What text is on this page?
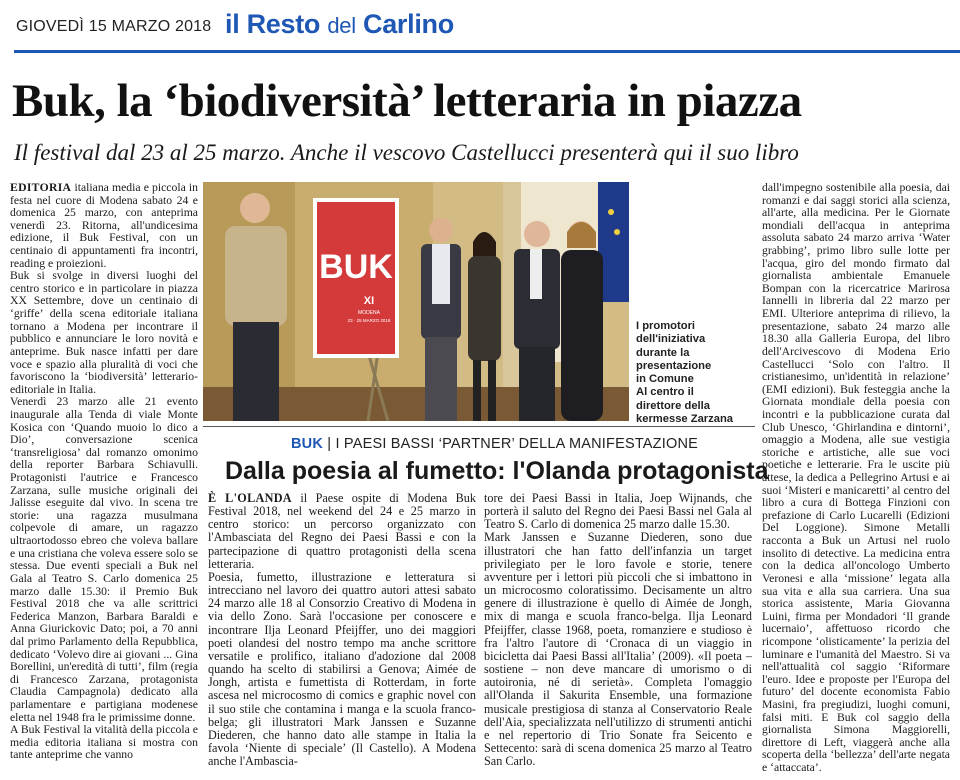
GIOVEDÌ 15 MARZO 2018 il Resto del Carlino
Buk, la ‘biodiversità’ letteraria in piazza
Il festival dal 23 al 25 marzo. Anche il vescovo Castellucci presenterà qui il suo libro

EDITORIA italiana media e piccola in festa nel cuore di Modena sabato 24 e domenica 25 marzo, con anteprima venerdì 23. Ritorna, all'undicesima edizione, il Buk Festival, con un centinaio di appuntamenti fra incontri, reading e proiezioni.

Buk si svolge in diversi luoghi del centro storico e in particolare in piazza XX Settembre, dove un centinaio di ‘griffe’ della scena editoriale italiana tornano a Modena per incontrare il pubblico e annunciare le loro novità e anteprime. Buk nasce infatti per dare voce e spazio alla pluralità di voci che favoriscono la ‘biodiversità’ letterario-editoriale in Italia.

Venerdì 23 marzo alle 21 evento inaugurale alla Tenda di viale Monte Kosica con ‘Quando muoio lo dico a Dio’, conversazione scenica ‘transreligiosa’ dal romanzo omonimo della reporter Barbara Schiavulli. Protagonisti l'autrice e Francesco Zarzana, sulle musiche originali dei Jalisse eseguite dal vivo. In scena tre storie: una ragazza musulmana colpevole di amare, un ragazzo ultraortodosso ebreo che voleva ballare e una cristiana che voleva essere solo se stessa. Due eventi speciali a Buk nel Gala al Teatro S. Carlo domenica 25 marzo dalle 15.30: il Premio Buk Festival 2018 che va alle scrittrici Federica Manzon, Barbara Baraldi e Anna Giurickovic Dato; poi, a 70 anni dal primo Parlamento della Repubblica, dedicato ‘Volevo dire ai giovani ... Gina Borellini, un'eredità di tutti’, film (regia di Francesco Zarzana, protagonista Claudia Campagnola) dedicato alla parlamentare e partigiana modenese eletta nel 1948 fra le primissime donne.

A Buk Festival la vitalità della piccola e media editoria italiana si mostra con tante anteprime che vanno

BUK
XI
MODENA
23 · 25 MARZO 2018	I promotori
dell'iniziativa
durante la
presentazione
in Comune
Al centro il
direttore della
kermesse Zarzana
BUK | I PAESI BASSI ‘PARTNER’ DELLA MANIFESTAZIONE
Dalla poesia al fumetto: l'Olanda protagonista

È L'OLANDA il Paese ospite di Modena Buk Festival 2018, nel weekend del 24 e 25 marzo in centro storico: un percorso organizzato con l'Ambasciata del Regno dei Paesi Bassi e con la partecipazione di quattro protagonisti della scena letteraria.

Poesia, fumetto, illustrazione e letteratura si intrecciano nel lavoro dei quattro autori attesi sabato 24 marzo alle 18 al Consorzio Creativo di Modena in via dello Zono. Sarà l'occasione per conoscere e incontrare Ilja Leonard Pfeijffer, uno dei maggiori poeti olandesi del nostro tempo ma anche scrittore versatile e prolifico, italiano d'adozione dal 2008 quando ha scelto di stabilirsi a Genova; Aimée de Jongh, artista e fumettista di Rotterdam, in forte ascesa nel microcosmo di comics e graphic novel con il suo stile che contamina i manga e la scuola franco-belga; gli illustratori Mark Janssen e Suzanne Diederen, che hanno dato alle stampe in Italia la favola ‘Niente di speciale’ (Il Castello). A Modena anche l'Ambascia-

tore dei Paesi Bassi in Italia, Joep Wijnands, che porterà il saluto del Regno dei Paesi Bassi nel Gala al Teatro S. Carlo di domenica 25 marzo dalle 15.30.

Mark Janssen e Suzanne Diederen, sono due illustratori che han fatto dell'infanzia un target privilegiato per le loro favole e storie, tenere avventure per i lettori più piccoli che si imbattono in un microcosmo coloratissimo. Decisamente un altro genere di illustrazione è quello di Aimée de Jongh, mix di manga e scuola franco-belga. Ilja Leonard Pfeijffer, classe 1968, poeta, romanziere e studioso è fra l'altro l'autore di ‘Cronaca di un viaggio in bicicletta dai Paesi Bassi all'Italia’ (2009). «Il poeta – sostiene – non deve mancare di umorismo o di autoironia, né di serietà». Completa l'omaggio all'Olanda il Sakurita Ensemble, una formazione musicale prestigiosa di stanza al Conservatorio Reale dell'Aia, specializzata nell'utilizzo di strumenti antichi e nel repertorio di Trio Sonate fra Seicento e Settecento: sarà di scena domenica 25 marzo al Teatro San Carlo.

dall'impegno sostenibile alla poesia, dai romanzi e dai saggi storici alla scienza, all'arte, alla medicina. Per le Giornate mondiali dell'acqua in anteprima assoluta sabato 24 marzo arriva ‘Water grabbing’, primo libro sulle lotte per l'acqua, giro del mondo firmato dal giornalista ambientale Emanuele Bompan con la ricercatrice Marirosa Iannelli in libreria dal 22 marzo per EMI. Ulteriore anteprima di rilievo, la presentazione, sabato 24 marzo alle 18.30 alla Galleria Europa, del libro dell'Arcivescovo di Modena Erio Castellucci ‘Solo con l'altro. Il cristianesimo, un'identità in relazione’ (EMI edizioni). Buk festeggia anche la Giornata mondiale della poesia con incontri e la pubblicazione curata dal Club Unesco, ‘Ghirlandina e dintorni’, omaggio a Modena, alle sue vestigia storiche e artistiche, alle sue voci poetiche e letterarie. Fra le uscite più attese, la dedica a Pellegrino Artusi e ai suoi ‘Misteri e manicaretti’ al centro del libro a cura di Bottega Finzioni con prefazione di Carlo Lucarelli (Edizioni Del Loggione). Simone Metalli racconta a Buk un Artusi nel ruolo insolito di detective. La medicina entra con la dedica all'oncologo Umberto Veronesi e alla ‘missione’ legata alla sua vita e alla sua carriera. Una sua storica assistente, Maria Giovanna Luini, firma per Mondadori ‘Il grande lucernaio’, affettuoso ricordo che ricompone ‘olisticamente’ la perizia del luminare e l'umanità del Maestro. Si va nell'attualità col saggio ‘Riformare l'euro. Idee e proposte per l'Europa del futuro’ del docente economista Fabio Masini, fra pregiudizi, luoghi comuni, falsi miti. E Buk col saggio della giornalista Simona Maggiorelli, direttore di Left, viaggerà anche alla scoperta della ‘bellezza’ dell'arte negata e ‘attaccata’.
